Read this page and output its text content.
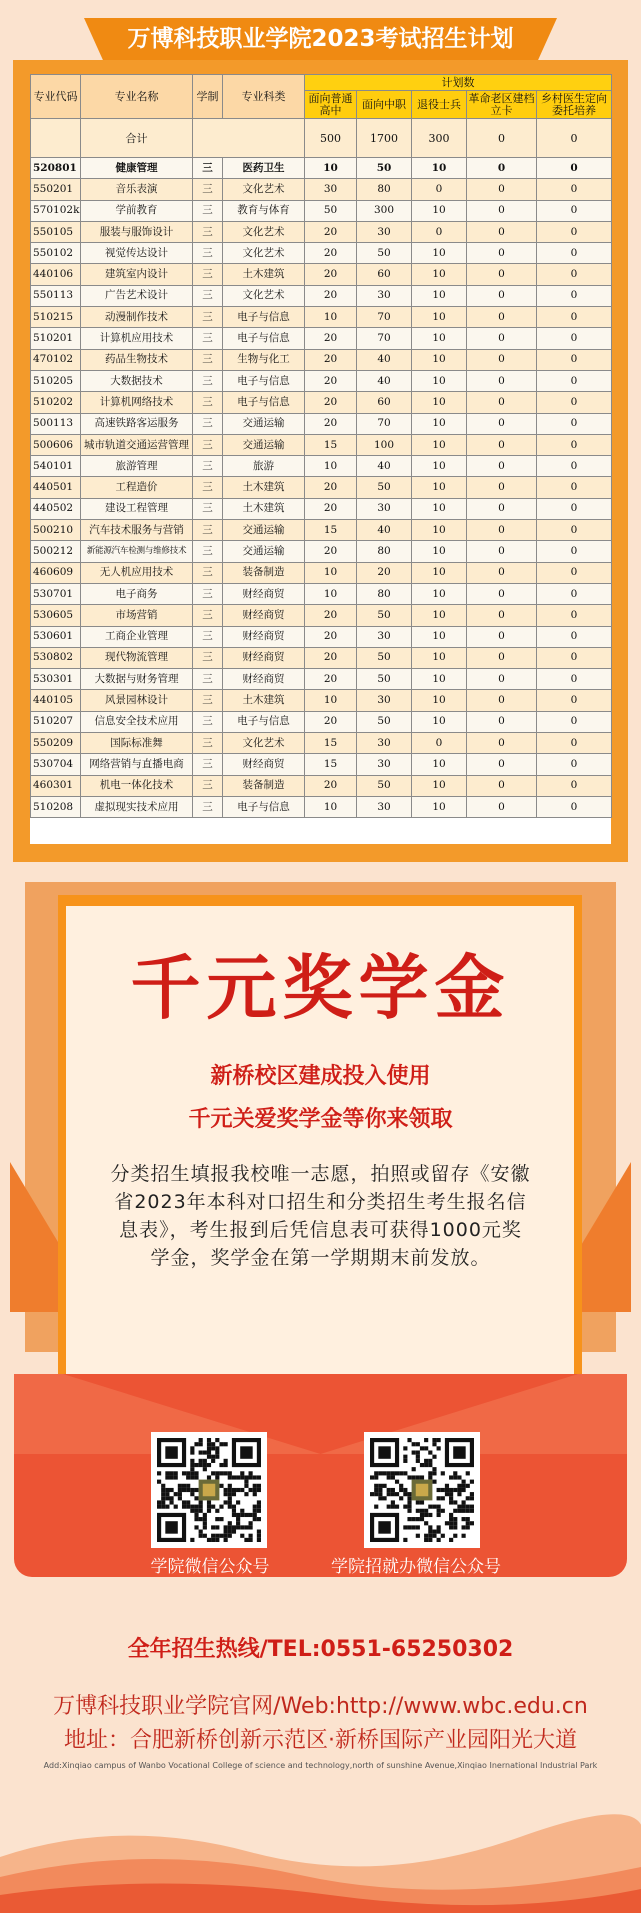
万博科技职业学院2023考试招生计划
专业代码	专业名称	学制	专业科类	计划数				
				面向普通高中	面向中职	退役士兵	革命老区建档立卡	乡村医生定向委托培养
	合计			500	1700	300	0	0
520801	健康管理	三	医药卫生	10	50	10	0	0
550201	音乐表演	三	文化艺术	30	80	0	0	0
570102k	学前教育	三	教育与体育	50	300	10	0	0
550105	服装与服饰设计	三	文化艺术	20	30	0	0	0
550102	视觉传达设计	三	文化艺术	20	50	10	0	0
440106	建筑室内设计	三	土木建筑	20	60	10	0	0
550113	广告艺术设计	三	文化艺术	20	30	10	0	0
510215	动漫制作技术	三	电子与信息	10	70	10	0	0
510201	计算机应用技术	三	电子与信息	20	70	10	0	0
470102	药品生物技术	三	生物与化工	20	40	10	0	0
510205	大数据技术	三	电子与信息	20	40	10	0	0
510202	计算机网络技术	三	电子与信息	20	60	10	0	0
500113	高速铁路客运服务	三	交通运输	20	70	10	0	0
500606	城市轨道交通运营管理	三	交通运输	15	100	10	0	0
540101	旅游管理	三	旅游	10	40	10	0	0
440501	工程造价	三	土木建筑	20	50	10	0	0
440502	建设工程管理	三	土木建筑	20	30	10	0	0
500210	汽车技术服务与营销	三	交通运输	15	40	10	0	0
500212	新能源汽车检测与维修技术	三	交通运输	20	80	10	0	0
460609	无人机应用技术	三	装备制造	10	20	10	0	0
530701	电子商务	三	财经商贸	10	80	10	0	0
530605	市场营销	三	财经商贸	20	50	10	0	0
530601	工商企业管理	三	财经商贸	20	30	10	0	0
530802	现代物流管理	三	财经商贸	20	50	10	0	0
530301	大数据与财务管理	三	财经商贸	20	50	10	0	0
440105	风景园林设计	三	土木建筑	10	30	10	0	0
510207	信息安全技术应用	三	电子与信息	20	50	10	0	0
550209	国际标准舞	三	文化艺术	15	30	0	0	0
530704	网络营销与直播电商	三	财经商贸	15	30	10	0	0
460301	机电一体化技术	三	装备制造	20	50	10	0	0
510208	虚拟现实技术应用	三	电子与信息	10	30	10	0	0
千元奖学金
新桥校区建成投入使用
千元关爱奖学金等你来领取
分类招生填报我校唯一志愿，拍照或留存《安徽省2023年本科对口招生和分类招生考生报名信息表》，考生报到后凭信息表可获得1000元奖学金，奖学金在第一学期期末前发放。
学院微信公众号	学院招就办微信公众号
全年招生热线/TEL:0551-65250302
万博科技职业学院官网/Web:http://www.wbc.edu.cn
地址：合肥新桥创新示范区·新桥国际产业园阳光大道
Add:Xinqiao campus of Wanbo Vocational College of science and technology,north of sunshine Avenue,Xinqiao Inernational Industrial Park
